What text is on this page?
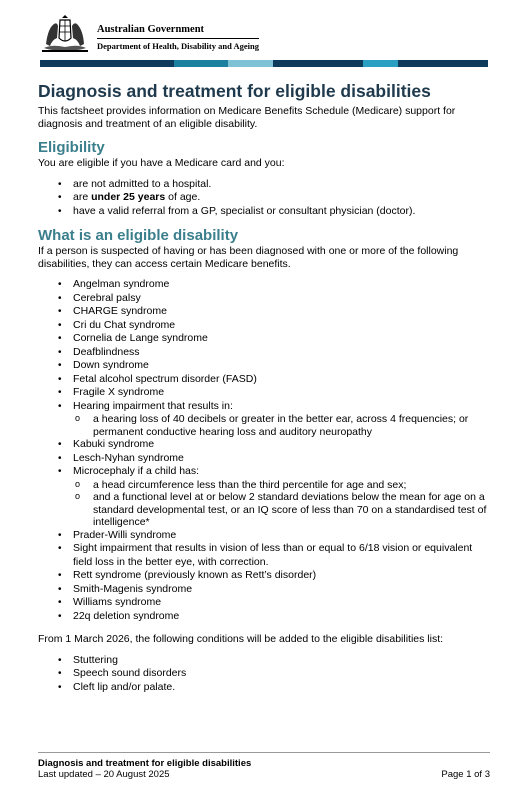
Australian Government
Department of Health, Disability and Ageing
Diagnosis and treatment for eligible disabilities

This factsheet provides information on Medicare Benefits Schedule (Medicare) support for diagnosis and treatment of an eligible disability.

Eligibility

You are eligible if you have a Medicare card and you:

• are not admitted to a hospital.
• are under 25 years of age.
• have a valid referral from a GP, specialist or consultant physician (doctor).
What is an eligible disability

If a person is suspected of having or has been diagnosed with one or more of the following disabilities, they can access certain Medicare benefits.

• Angelman syndrome
• Cerebral palsy
• CHARGE syndrome
• Cri du Chat syndrome
• Cornelia de Lange syndrome
• Deafblindness
• Down syndrome
• Fetal alcohol spectrum disorder (FASD)
• Fragile X syndrome
• Hearing impairment that results in:
o a hearing loss of 40 decibels or greater in the better ear, across 4 frequencies; or permanent conductive hearing loss and auditory neuropathy
• Kabuki syndrome
• Lesch-Nyhan syndrome
• Microcephaly if a child has:
o a head circumference less than the third percentile for age and sex;
o and a functional level at or below 2 standard deviations below the mean for age on a standard developmental test, or an IQ score of less than 70 on a standardised test of intelligence*
• Prader-Willi syndrome
• Sight impairment that results in vision of less than or equal to 6/18 vision or equivalent field loss in the better eye, with correction.
• Rett syndrome (previously known as Rett’s disorder)
• Smith-Magenis syndrome
• Williams syndrome
• 22q deletion syndrome

From 1 March 2026, the following conditions will be added to the eligible disabilities list:

• Stuttering
• Speech sound disorders
• Cleft lip and/or palate.
Diagnosis and treatment for eligible disabilities
Last updated – 20 August 2025	Page 1 of 3
